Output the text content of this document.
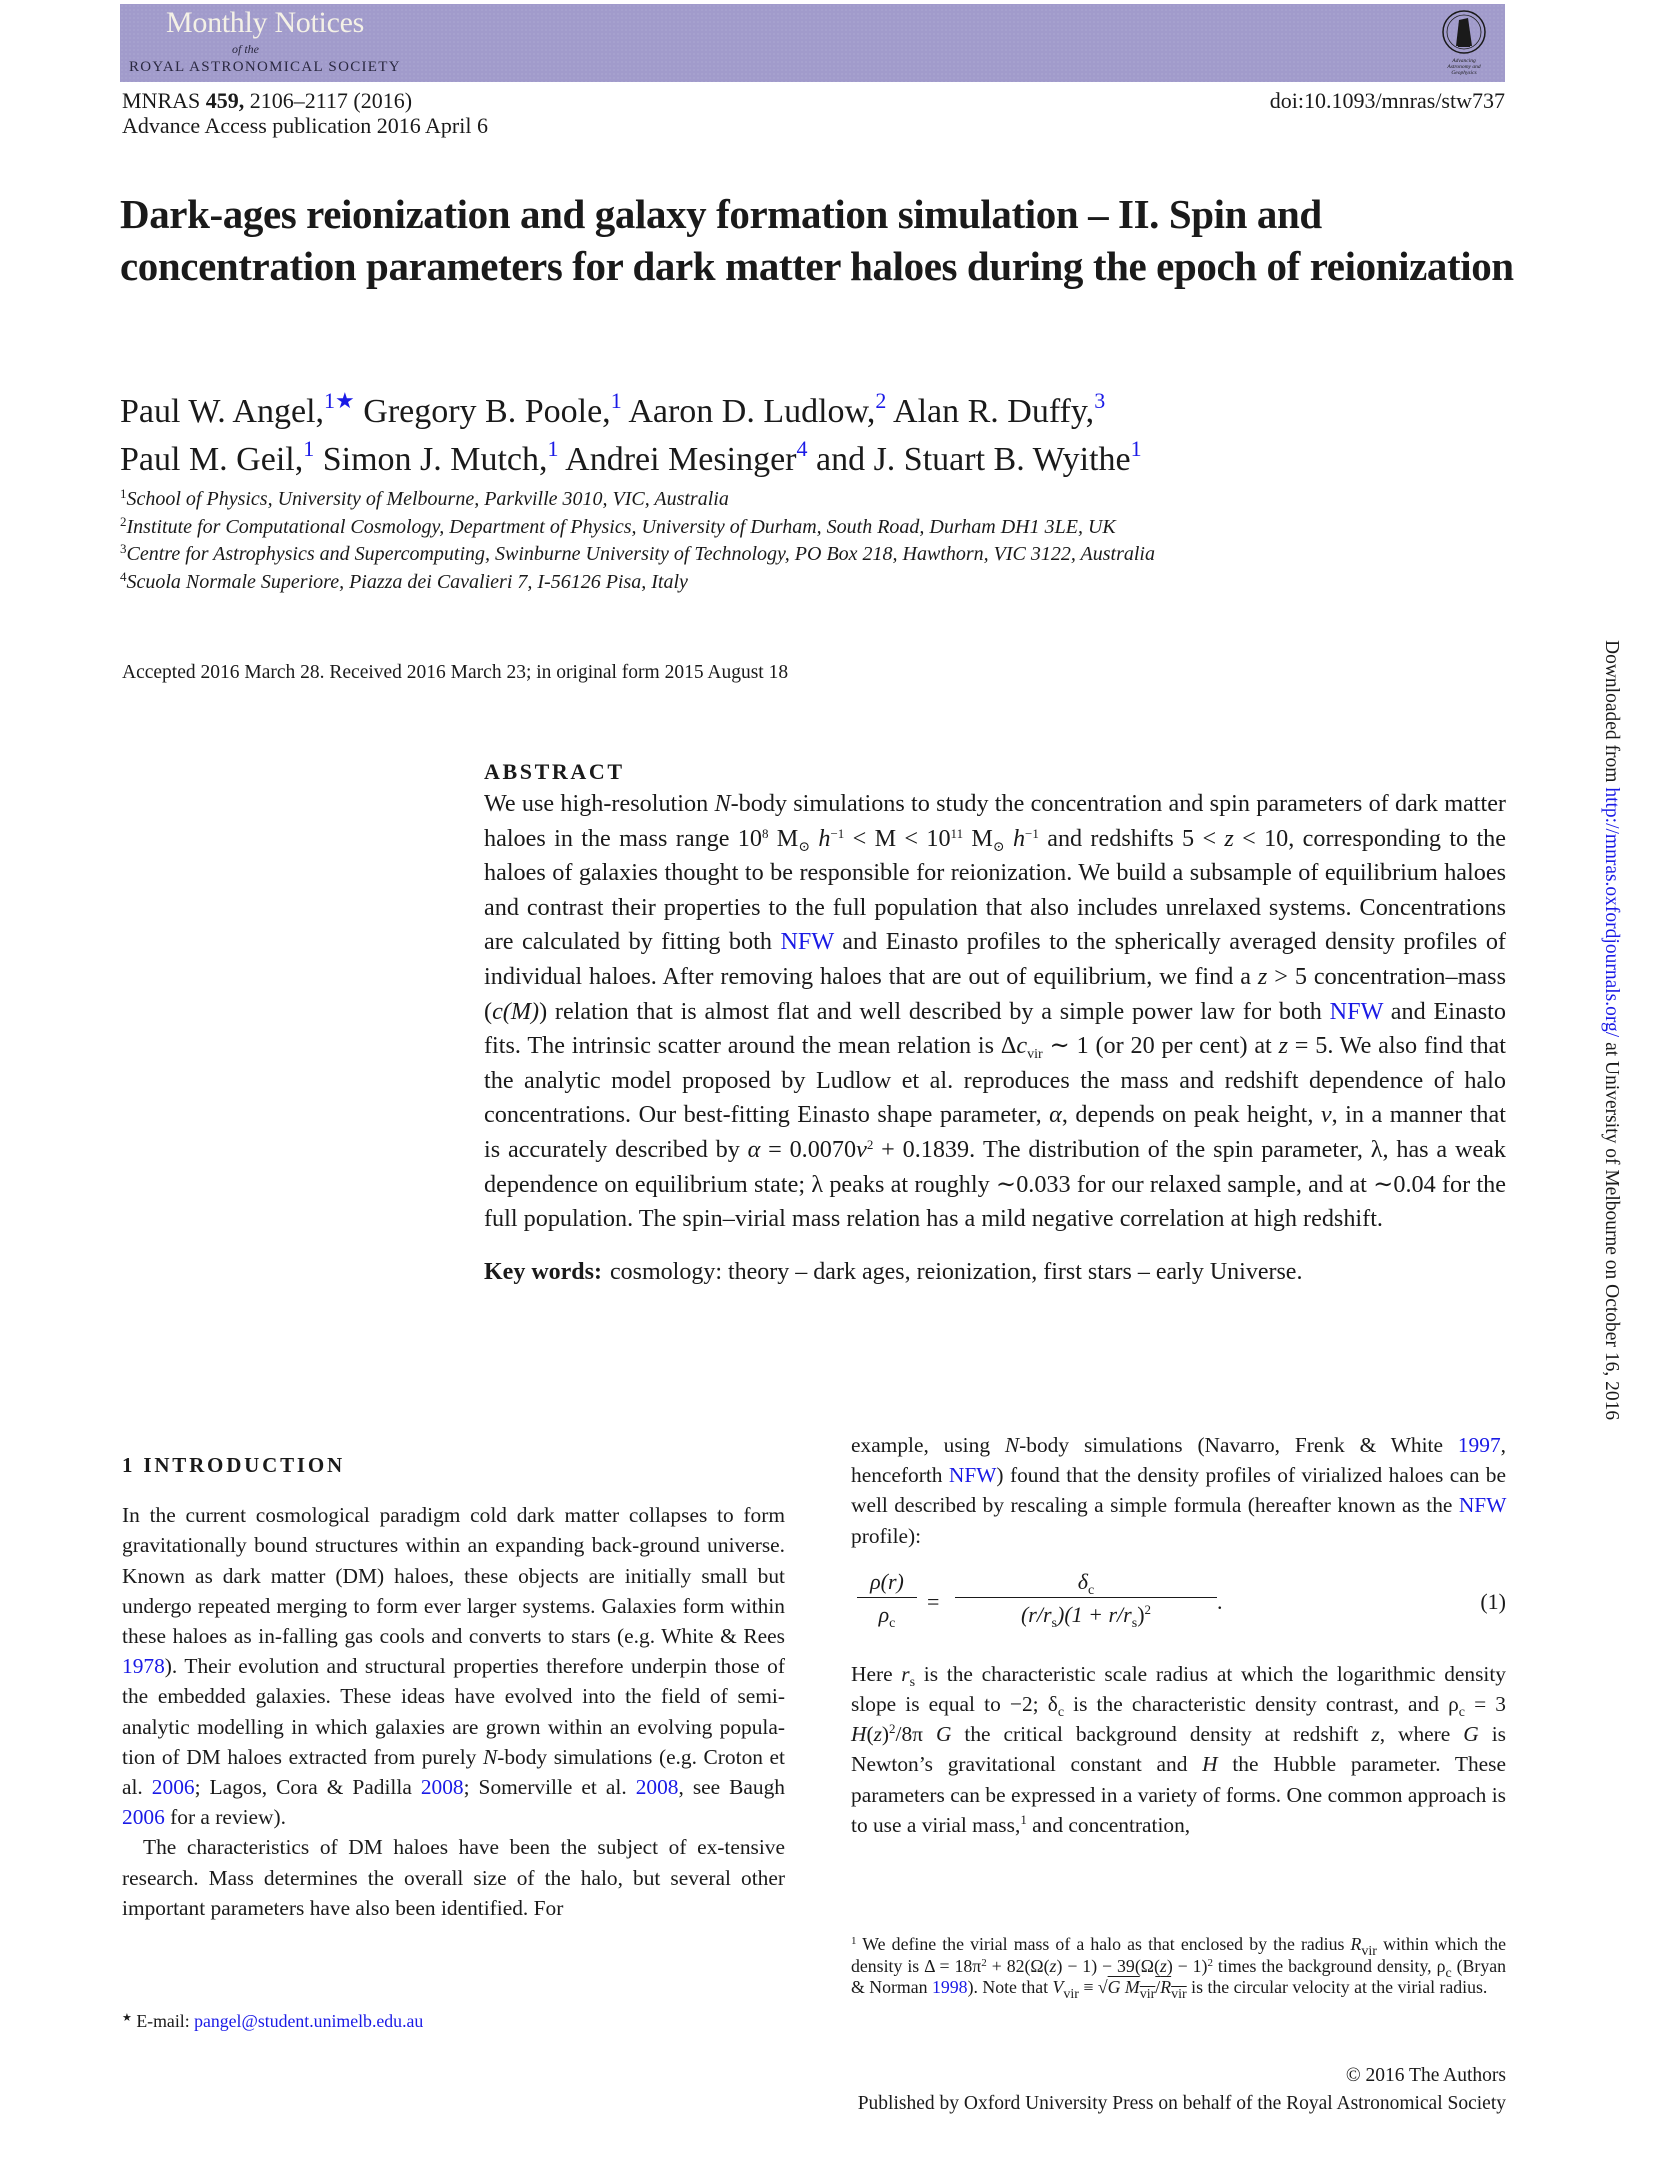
Monthly Notices
of the
ROYAL ASTRONOMICAL SOCIETY	Advancing
Astronomy and
Geophysics
MNRAS 459, 2106–2117 (2016)
Advance Access publication 2016 April 6
doi:10.1093/mnras/stw737
Dark-ages reionization and galaxy formation simulation – II. Spin and concentration parameters for dark matter haloes during the epoch of reionization
Paul W. Angel,$^{1★}$ Gregory B. Poole,$^1$ Aaron D. Ludlow,$^2$ Alan R. Duffy,$^3$
Paul M. Geil,$^1$ Simon J. Mutch,$^1$ Andrei Mesinger$^4$ and J. Stuart B. Wyithe$^1$
$^1$School of Physics, University of Melbourne, Parkville 3010, VIC, Australia
$^2$Institute for Computational Cosmology, Department of Physics, University of Durham, South Road, Durham DH1 3LE, UK
$^3$Centre for Astrophysics and Supercomputing, Swinburne University of Technology, PO Box 218, Hawthorn, VIC 3122, Australia
$^4$Scuola Normale Superiore, Piazza dei Cavalieri 7, I-56126 Pisa, Italy
Accepted 2016 March 28. Received 2016 March 23; in original form 2015 August 18
ABSTRACT
We use high-resolution N-body simulations to study the concentration and spin parameters of dark matter haloes in the mass range $10^8$ $M_⊙$ $h^{-1} < M < 10^{11}$ $M_⊙$ $h^{-1}$ and redshifts 5 < z < 10, corresponding to the haloes of galaxies thought to be responsible for reionization. We build a subsample of equilibrium haloes and contrast their properties to the full population that also includes unrelaxed systems. Concentrations are calculated by fitting both NFW and Einasto profiles to the spherically averaged density profiles of individual haloes. After removing haloes that are out of equilibrium, we find a z > 5 concentration–mass (c(M)) relation that is almost flat and well described by a simple power law for both NFW and Einasto fits. The intrinsic scatter around the mean relation is $\Delta c_{vir}$ ∼ 1 (or 20 per cent) at z = 5. We also find that the analytic model proposed by Ludlow et al. reproduces the mass and redshift dependence of halo concentrations. Our best-fitting Einasto shape parameter, α, depends on peak height, ν, in a manner that is accurately described by $\alpha = 0.0070\nu^2 + 0.1839$. The distribution of the spin parameter, λ, has a weak dependence on equilibrium state; λ peaks at roughly ∼0.033 for our relaxed sample, and at ∼0.04 for the full population. The spin–virial mass relation has a mild negative correlation at high redshift.
Key words: cosmology: theory – dark ages, reionization, first stars – early Universe.
1 INTRODUCTION
In the current cosmological paradigm cold dark matter collapses to form gravitationally bound structures within an expanding back-ground universe. Known as dark matter (DM) haloes, these objects are initially small but undergo repeated merging to form ever larger systems. Galaxies form within these haloes as in-falling gas cools and converts to stars (e.g. White & Rees 1978). Their evolution and structural properties therefore underpin those of the embedded galaxies. These ideas have evolved into the field of semi-analytic modelling in which galaxies are grown within an evolving popula-tion of DM haloes extracted from purely N-body simulations (e.g. Croton et al. 2006; Lagos, Cora & Padilla 2008; Somerville et al. 2008, see Baugh 2006 for a review).
The characteristics of DM haloes have been the subject of ex-tensive research. Mass determines the overall size of the halo, but several other important parameters have also been identified. For
example, using N-body simulations (Navarro, Frenk & White 1997, henceforth NFW) found that the density profiles of virialized haloes can be well described by rescaling a simple formula (hereafter known as the NFW profile):
$\frac{\rho(r)}{\rho_c} = \frac{\delta_c}{(r/r_s)(1 + r/r_s)^2}$ .	(1)
Here $r_s$ is the characteristic scale radius at which the logarithmic density slope is equal to −2; $\delta_c$ is the characteristic density contrast, and $\rho_c = 3$ $H(z)^2/8\pi$ G the critical background density at redshift z, where G is Newton’s gravitational constant and H the Hubble parameter. These parameters can be expressed in a variety of forms. One common approach is to use a virial mass,$^1$ and concentration,
★ E-mail: pangel@student.unimelb.edu.au
$^1$ We define the virial mass of a halo as that enclosed by the radius $R_{vir}$ within which the density is $\Delta = 18\pi^2 + 82(\Omega(z) - 1) - 39(\Omega(z) - 1)^2$ times the background density, $\rho_c$ (Bryan & Norman 1998). Note that $V_{vir} \equiv √G$ $M_{vir}/R_{vir}$ is the circular velocity at the virial radius.
© 2016 The Authors
Published by Oxford University Press on behalf of the Royal Astronomical Society
Downloaded from http://mnras.oxfordjournals.org/ at University of Melbourne on October 16, 2016
